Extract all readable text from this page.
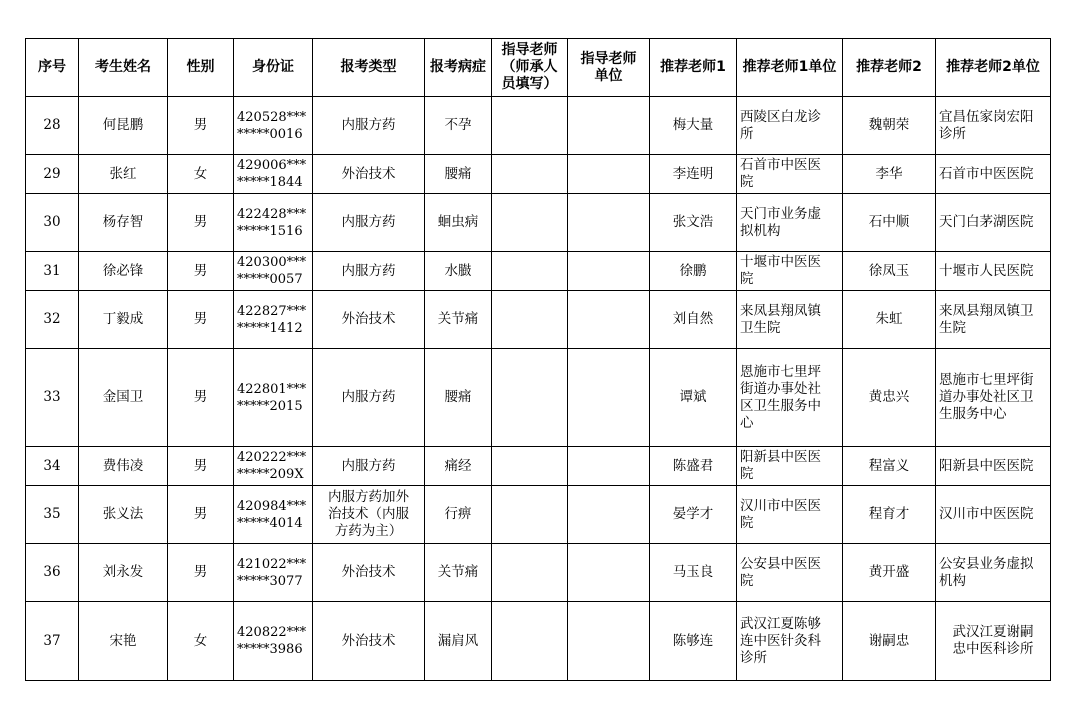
序号	考生姓名	性别	身份证	报考类型	报考病症	指导老师
（师承人
员填写）	指导老师
单位	推荐老师1	推荐老师1单位	推荐老师2	推荐老师2单位
28	何昆鹏	男	420528***
*****0016	内服方药	不孕			梅大量	西陵区白龙诊
所	魏朝荣	宜昌伍家岗宏阳
诊所
29	张红	女	429006***
*****1844	外治技术	腰痛			李连明	石首市中医医
院	李华	石首市中医医院
30	杨存智	男	422428***
*****1516	内服方药	蛔虫病			张文浩	天门市业务虚
拟机构	石中顺	天门白茅湖医院
31	徐必锋	男	420300***
*****0057	内服方药	水臌			徐鹏	十堰市中医医
院	徐凤玉	十堰市人民医院
32	丁毅成	男	422827***
*****1412	外治技术	关节痛			刘自然	来凤县翔凤镇
卫生院	朱虹	来凤县翔凤镇卫
生院
33	金国卫	男	422801***
*****2015	内服方药	腰痛			谭斌	恩施市七里坪
街道办事处社
区卫生服务中
心	黄忠兴	恩施市七里坪街
道办事处社区卫
生服务中心
34	费伟凌	男	420222***
*****209X	内服方药	痛经			陈盛君	阳新县中医医
院	程富义	阳新县中医医院
35	张义法	男	420984***
*****4014	内服方药加外
治技术（内服
方药为主）	行痹			晏学才	汉川市中医医
院	程育才	汉川市中医医院
36	刘永发	男	421022***
*****3077	外治技术	关节痛			马玉良	公安县中医医
院	黄开盛	公安县业务虚拟
机构
37	宋艳	女	420822***
*****3986	外治技术	漏肩风			陈够连	武汉江夏陈够
连中医针灸科
诊所	谢嗣忠	武汉江夏谢嗣
忠中医科诊所
